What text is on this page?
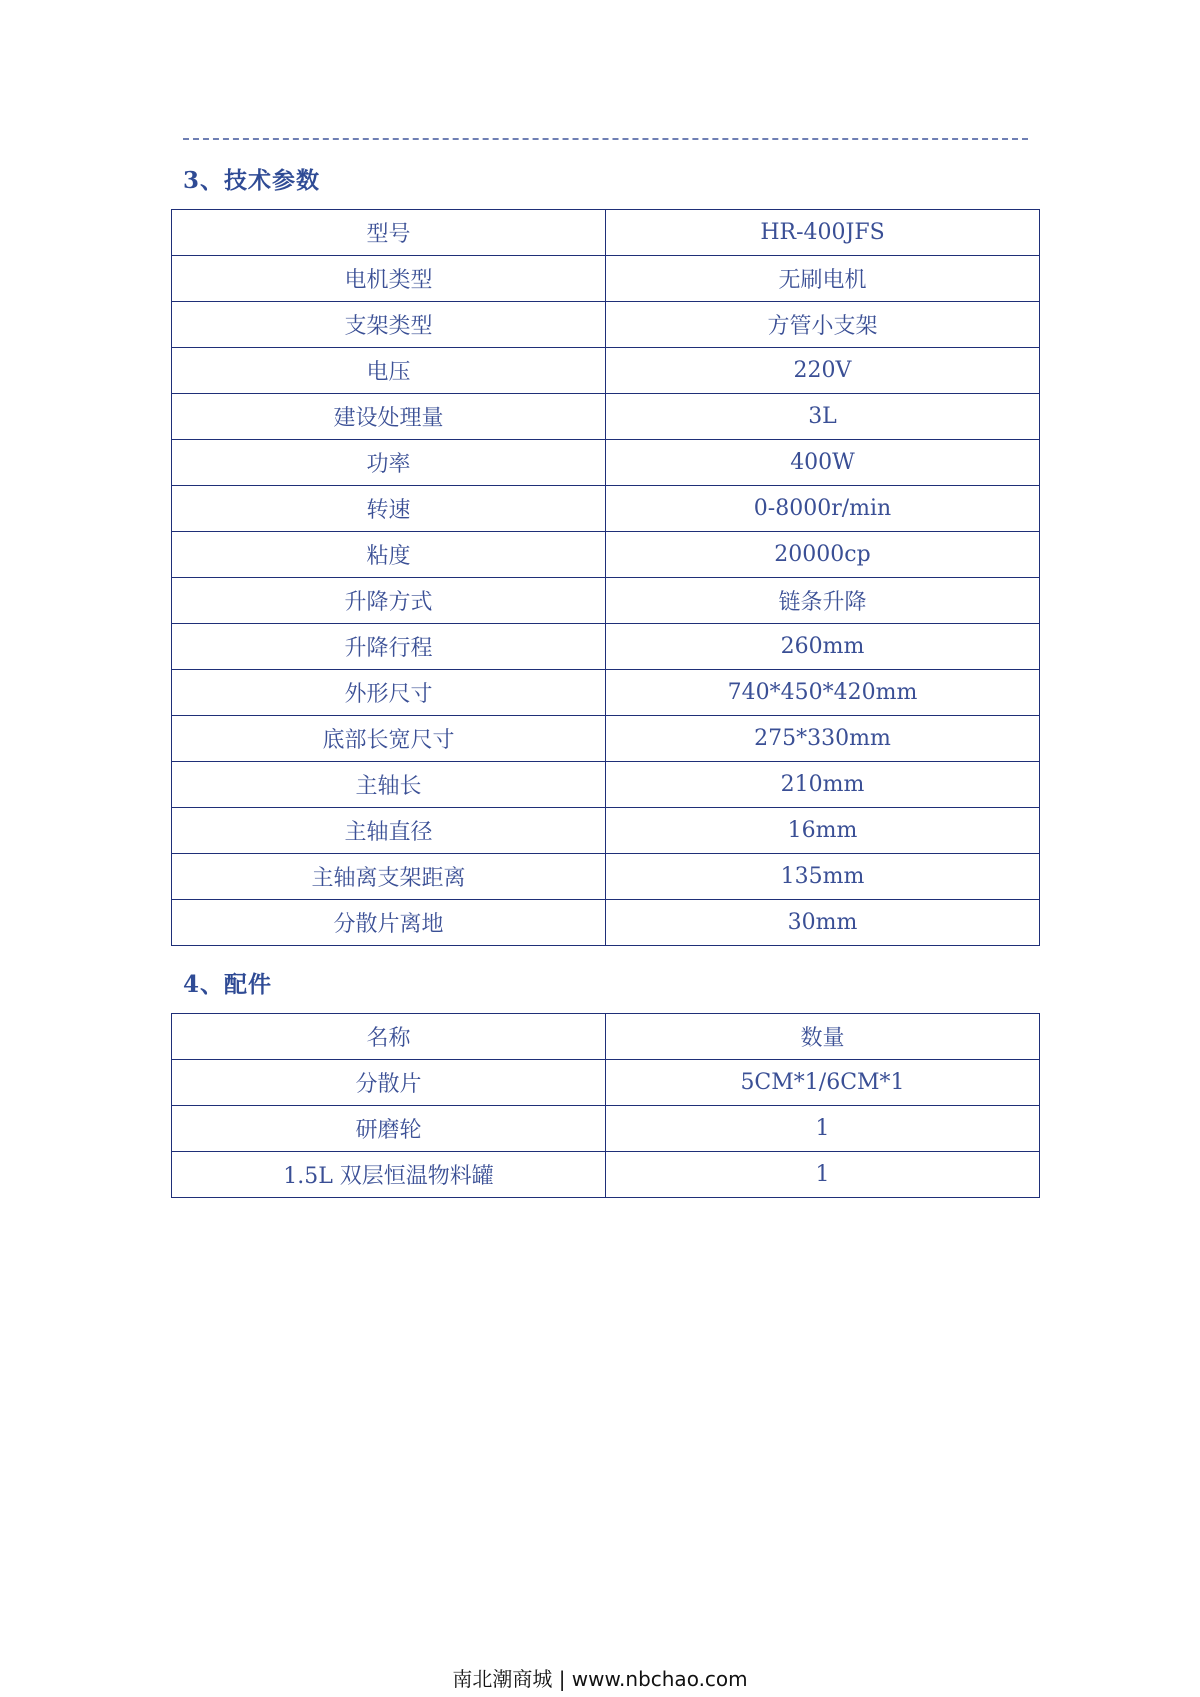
3、技术参数
型号	HR-400JFS
电机类型	无刷电机
支架类型	方管小支架
电压	220V
建设处理量	3L
功率	400W
转速	0-8000r/min
粘度	20000cp
升降方式	链条升降
升降行程	260mm
外形尺寸	740*450*420mm
底部长宽尺寸	275*330mm
主轴长	210mm
主轴直径	16mm
主轴离支架距离	135mm
分散片离地	30mm
4、配件
名称	数量
分散片	5CM*1/6CM*1
研磨轮	1
1.5L 双层恒温物料罐	1
南北潮商城 | www.nbchao.com
